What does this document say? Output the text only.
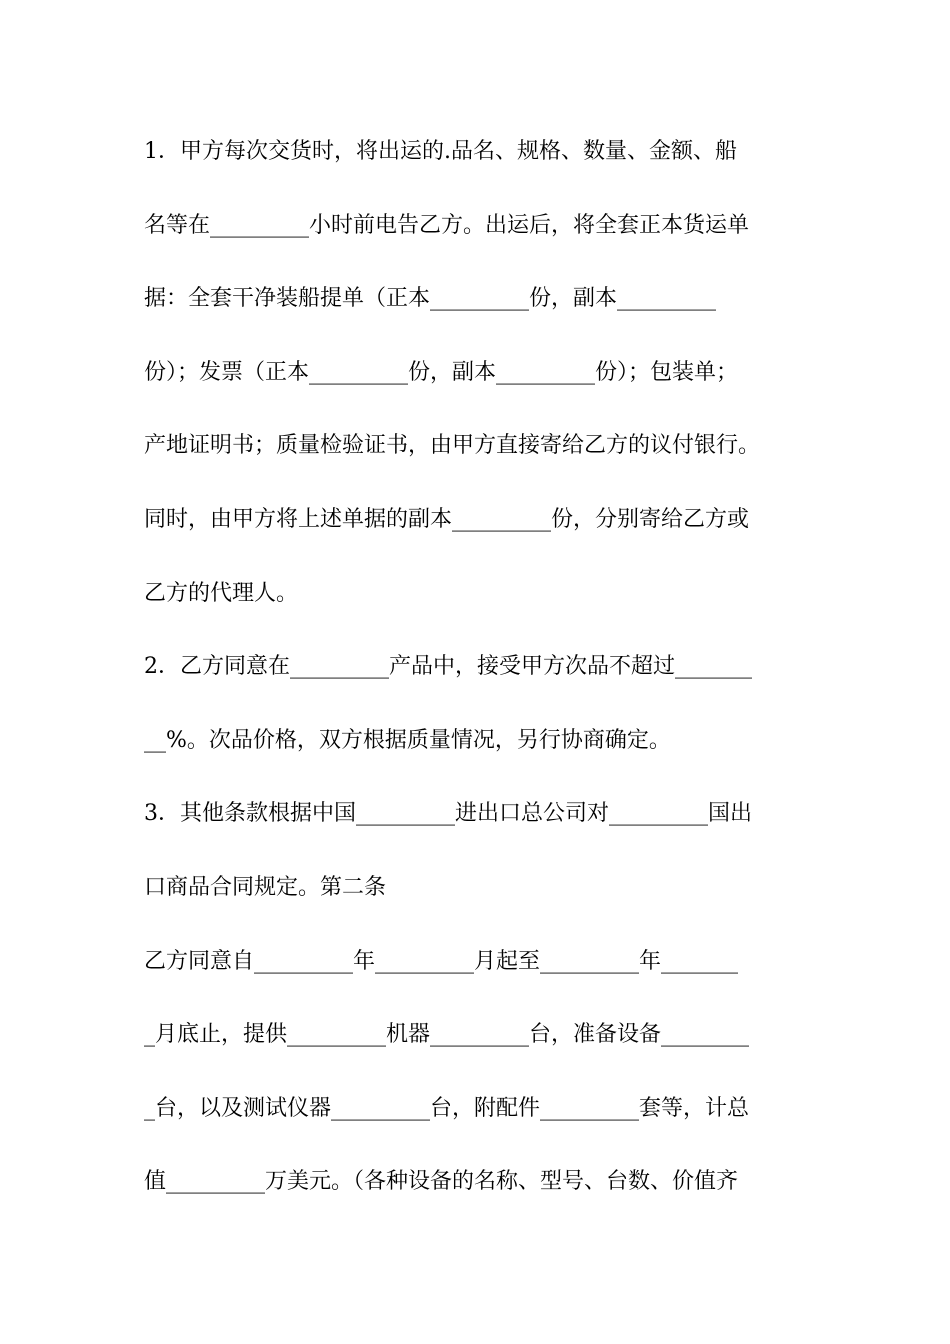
1．甲方每次交货时，将出运的.品名、规格、数量、金额、船
名等在_________小时前电告乙方。出运后，将全套正本货运单
据：全套干净装船提单（正本_________份，副本_________
份）；发票（正本_________份，副本_________份）；包装单；
产地证明书；质量检验证书，由甲方直接寄给乙方的议付银行。
同时，由甲方将上述单据的副本_________份，分别寄给乙方或
乙方的代理人。
2．乙方同意在_________产品中，接受甲方次品不超过_______
__%。次品价格，双方根据质量情况，另行协商确定。
3．其他条款根据中国_________进出口总公司对_________国出
口商品合同规定。第二条
乙方同意自_________年_________月起至_________年_______
_月底止，提供_________机器_________台，准备设备________
_台，以及测试仪器_________台，附配件_________套等，计总
值_________万美元。（各种设备的名称、型号、台数、价值齐
